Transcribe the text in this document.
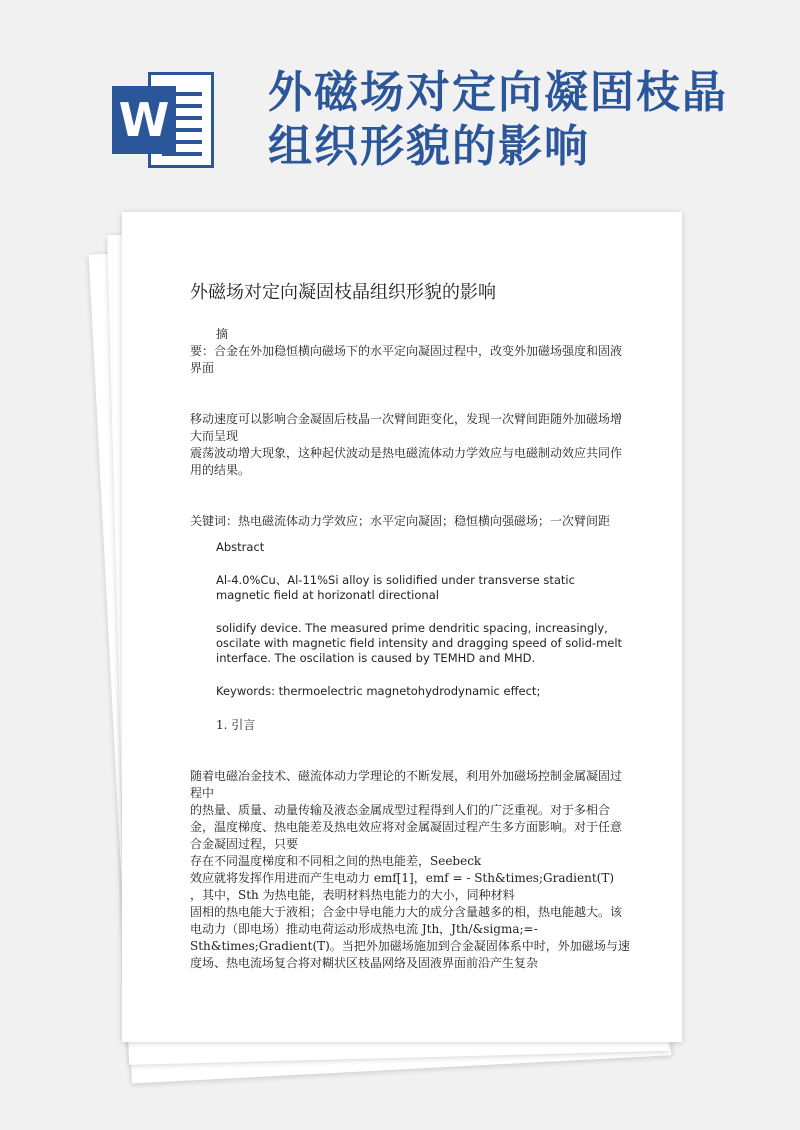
W
外磁场对定向凝固枝晶
组织形貌的影响
外磁场对定向凝固枝晶组织形貌的影响

摘

要：合金在外加稳恒横向磁场下的水平定向凝固过程中，改变外加磁场强度和固液界面

移动速度可以影响合金凝固后枝晶一次臂间距变化，发现一次臂间距随外加磁场增大而呈现

震荡波动增大现象，这种起伏波动是热电磁流体动力学效应与电磁制动效应共同作用的结果。

关键词：热电磁流体动力学效应；水平定向凝固；稳恒横向强磁场；一次臂间距

Abstract

Al-4.0%Cu、Al-11%Si alloy is solidified under transverse static magnetic field at horizonatl directional

solidify device. The measured prime dendritic spacing, increasingly, oscilate with magnetic field intensity and dragging speed of solid-melt interface. The oscilation is caused by TEMHD and MHD.

Keywords: thermoelectric magnetohydrodynamic effect;

1. 引言

随着电磁冶金技术、磁流体动力学理论的不断发展，利用外加磁场控制金属凝固过程中

的热量、质量、动量传输及液态金属成型过程得到人们的广泛重视。对于多相合金，温度梯度、热电能差及热电效应将对金属凝固过程产生多方面影响。对于任意合金凝固过程，只要

存在不同温度梯度和不同相之间的热电能差，Seebeck

效应就将发挥作用进而产生电动力 emf[1]，emf = - Sth&times;Gradient(T)

，其中，Sth 为热电能，表明材料热电能力的大小，同种材料

固相的热电能大于液相；合金中导电能力大的成分含量越多的相，热电能越大。该电动力（即电场）推动电荷运动形成热电流 Jth，Jth/&sigma;=- Sth&times;Gradient(T)。当把外加磁场施加到合金凝固体系中时，外加磁场与速度场、热电流场复合将对糊状区枝晶网络及固液界面前沿产生复杂
